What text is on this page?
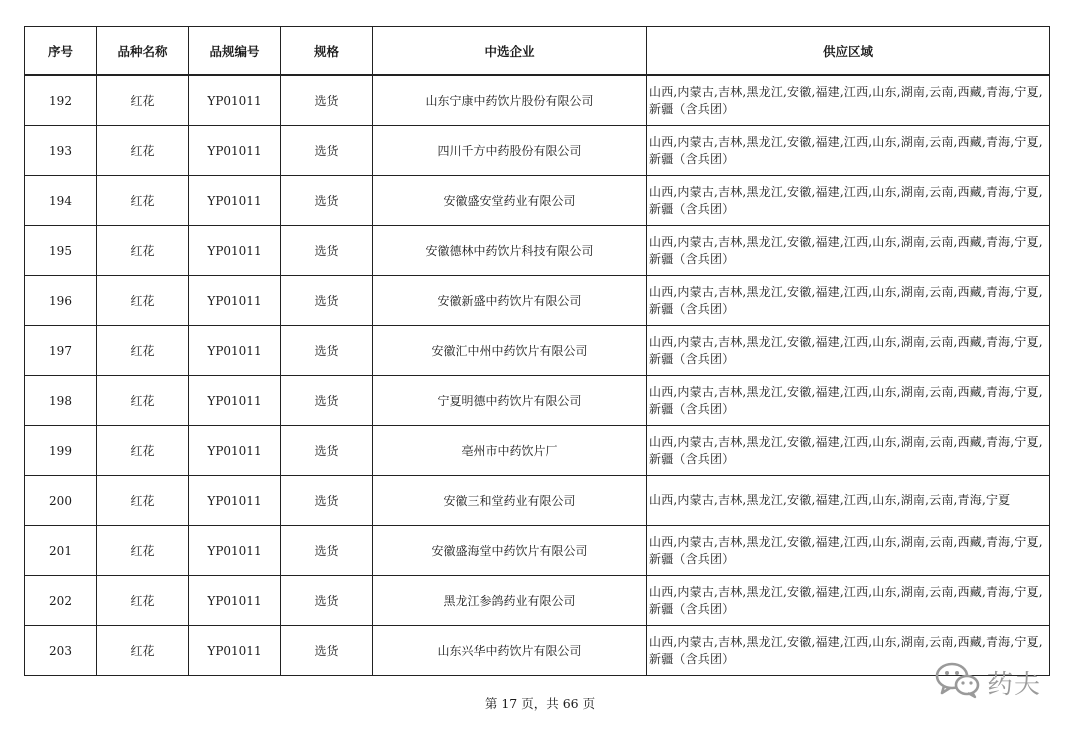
序号	品种名称	品规编号	规格	中选企业	供应区域
192	红花	YP01011	选货	山东宁康中药饮片股份有限公司	山西,内蒙古,吉林,黑龙江,安徽,福建,江西,山东,湖南,云南,西藏,青海,宁夏,新疆（含兵团）
193	红花	YP01011	选货	四川千方中药股份有限公司	山西,内蒙古,吉林,黑龙江,安徽,福建,江西,山东,湖南,云南,西藏,青海,宁夏,新疆（含兵团）
194	红花	YP01011	选货	安徽盛安堂药业有限公司	山西,内蒙古,吉林,黑龙江,安徽,福建,江西,山东,湖南,云南,西藏,青海,宁夏,新疆（含兵团）
195	红花	YP01011	选货	安徽德林中药饮片科技有限公司	山西,内蒙古,吉林,黑龙江,安徽,福建,江西,山东,湖南,云南,西藏,青海,宁夏,新疆（含兵团）
196	红花	YP01011	选货	安徽新盛中药饮片有限公司	山西,内蒙古,吉林,黑龙江,安徽,福建,江西,山东,湖南,云南,西藏,青海,宁夏,新疆（含兵团）
197	红花	YP01011	选货	安徽汇中州中药饮片有限公司	山西,内蒙古,吉林,黑龙江,安徽,福建,江西,山东,湖南,云南,西藏,青海,宁夏,新疆（含兵团）
198	红花	YP01011	选货	宁夏明德中药饮片有限公司	山西,内蒙古,吉林,黑龙江,安徽,福建,江西,山东,湖南,云南,西藏,青海,宁夏,新疆（含兵团）
199	红花	YP01011	选货	亳州市中药饮片厂	山西,内蒙古,吉林,黑龙江,安徽,福建,江西,山东,湖南,云南,西藏,青海,宁夏,新疆（含兵团）
200	红花	YP01011	选货	安徽三和堂药业有限公司	山西,内蒙古,吉林,黑龙江,安徽,福建,江西,山东,湖南,云南,青海,宁夏
201	红花	YP01011	选货	安徽盛海堂中药饮片有限公司	山西,内蒙古,吉林,黑龙江,安徽,福建,江西,山东,湖南,云南,西藏,青海,宁夏,新疆（含兵团）
202	红花	YP01011	选货	黑龙江参鸽药业有限公司	山西,内蒙古,吉林,黑龙江,安徽,福建,江西,山东,湖南,云南,西藏,青海,宁夏,新疆（含兵团）
203	红花	YP01011	选货	山东兴华中药饮片有限公司	山西,内蒙古,吉林,黑龙江,安徽,福建,江西,山东,湖南,云南,西藏,青海,宁夏,新疆（含兵团）
第 17 页，共 66 页
药夫
